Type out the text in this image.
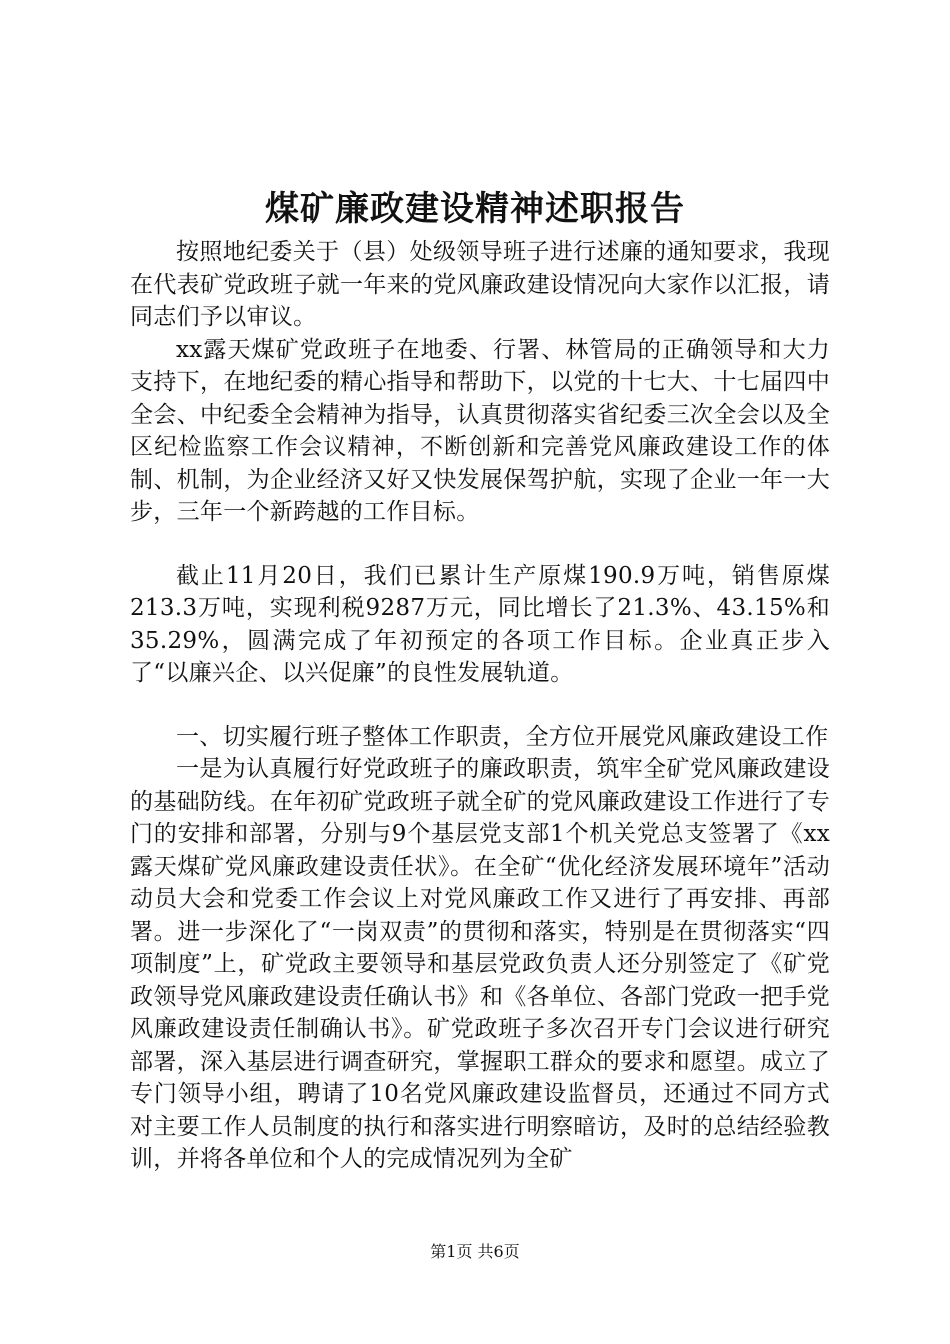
煤矿廉政建设精神述职报告

按照地纪委关于（县）处级领导班子进行述廉的通知要求，我现在代表矿党政班子就一年来的党风廉政建设情况向大家作以汇报，请同志们予以审议。

xx露天煤矿党政班子在地委、行署、林管局的正确领导和大力支持下，在地纪委的精心指导和帮助下，以党的十七大、十七届四中全会、中纪委全会精神为指导，认真贯彻落实省纪委三次全会以及全区纪检监察工作会议精神，不断创新和完善党风廉政建设工作的体制、机制，为企业经济又好又快发展保驾护航，实现了企业一年一大步，三年一个新跨越的工作目标。

截止11月20日，我们已累计生产原煤190.9万吨，销售原煤213.3万吨，实现利税9287万元，同比增长了21.3%、43.15%和35.29%，圆满完成了年初预定的各项工作目标。企业真正步入了“以廉兴企、以兴促廉”的良性发展轨道。

一、切实履行班子整体工作职责，全方位开展党风廉政建设工作

一是为认真履行好党政班子的廉政职责，筑牢全矿党风廉政建设的基础防线。在年初矿党政班子就全矿的党风廉政建设工作进行了专门的安排和部署，分别与9个基层党支部1个机关党总支签署了《xx露天煤矿党风廉政建设责任状》。在全矿“优化经济发展环境年”活动动员大会和党委工作会议上对党风廉政工作又进行了再安排、再部署。进一步深化了“一岗双责”的贯彻和落实，特别是在贯彻落实“四项制度”上，矿党政主要领导和基层党政负责人还分别签定了《矿党政领导党风廉政建设责任确认书》和《各单位、各部门党政一把手党风廉政建设责任制确认书》。矿党政班子多次召开专门会议进行研究部署，深入基层进行调查研究，掌握职工群众的要求和愿望。成立了专门领导小组，聘请了10名党风廉政建设监督员，还通过不同方式对主要工作人员制度的执行和落实进行明察暗访，及时的总结经验教训，并将各单位和个人的完成情况列为全矿

第1页 共6页
